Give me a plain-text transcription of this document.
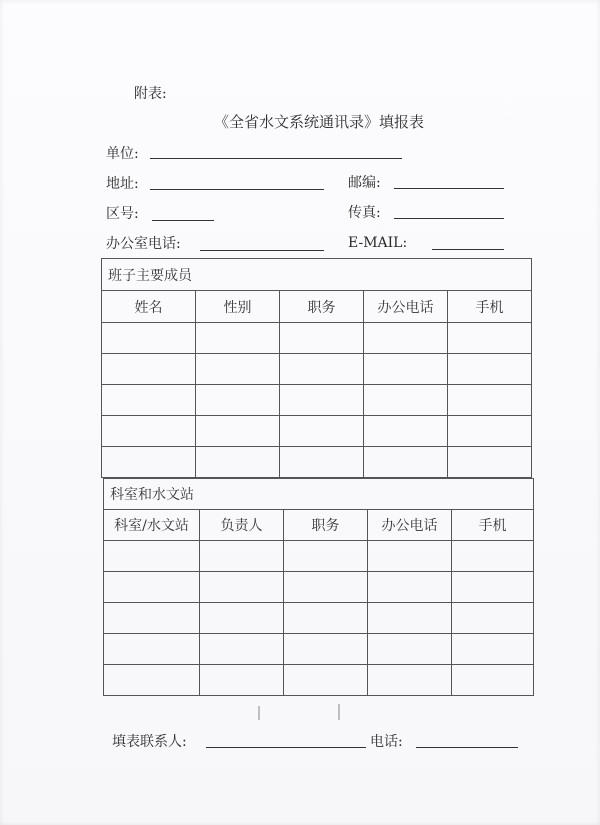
附表:
《全省水文系统通讯录》填报表
单位:
地址:	邮编:
区号:	传真:
办公室电话:	E-MAIL:
班子主要成员				
姓名	性别	职务	办公电话	手机

科室和水文站				
科室/水文站	负责人	职务	办公电话	手机

填表联系人:	电话:
